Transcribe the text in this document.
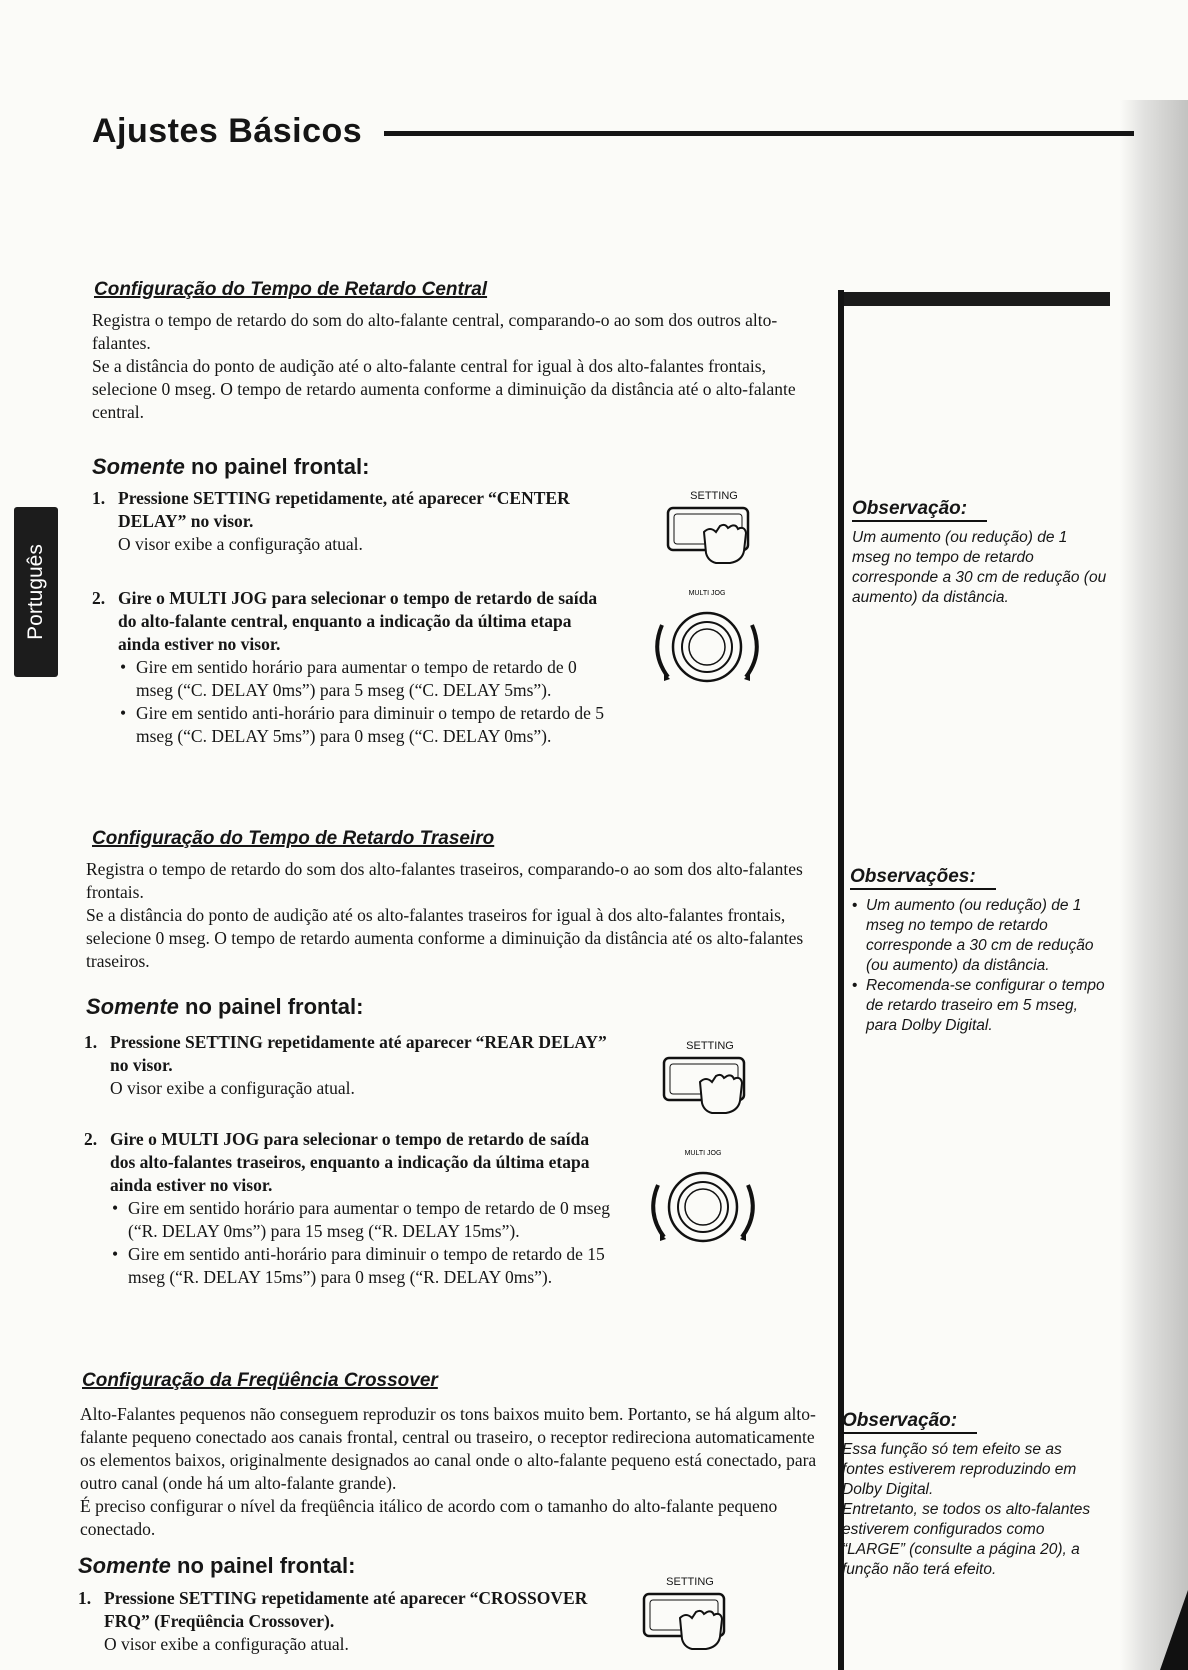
Ajustes Básicos
Português
Configuração do Tempo de Retardo Central

Registra o tempo de retardo do som do alto-falante central, comparando-o ao som dos outros alto-falantes.

Se a distância do ponto de audição até o alto-falante central for igual à dos alto-falantes frontais, selecione 0 mseg. O tempo de retardo aumenta conforme a diminuição da distância até o alto-falante central.

Somente no painel frontal:
1. Pressione SETTING repetidamente, até aparecer “CENTER DELAY” no visor.
O visor exibe a configuração atual.
2. Gire o MULTI JOG para selecionar o tempo de retardo de saída do alto-falante central, enquanto a indicação da última etapa ainda estiver no visor.
• Gire em sentido horário para aumentar o tempo de retardo de 0 mseg (“C. DELAY 0ms”) para 5 mseg (“C. DELAY 5ms”).
• Gire em sentido anti-horário para diminuir o tempo de retardo de 5 mseg (“C. DELAY 5ms”) para 0 mseg (“C. DELAY 0ms”).
SETTING
MULTI JOG
Configuração do Tempo de Retardo Traseiro

Registra o tempo de retardo do som dos alto-falantes traseiros, comparando-o ao som dos alto-falantes frontais.

Se a distância do ponto de audição até os alto-falantes traseiros for igual à dos alto-falantes frontais, selecione 0 mseg. O tempo de retardo aumenta conforme a diminuição da distância até os alto-falantes traseiros.

Somente no painel frontal:
1. Pressione SETTING repetidamente até aparecer “REAR DELAY” no visor.
O visor exibe a configuração atual.
2. Gire o MULTI JOG para selecionar o tempo de retardo de saída dos alto-falantes traseiros, enquanto a indicação da última etapa ainda estiver no visor.
• Gire em sentido horário para aumentar o tempo de retardo de 0 mseg (“R. DELAY 0ms”) para 15 mseg (“R. DELAY 15ms”).
• Gire em sentido anti-horário para diminuir o tempo de retardo de 15 mseg (“R. DELAY 15ms”) para 0 mseg (“R. DELAY 0ms”).
SETTING
MULTI JOG
Configuração da Freqüência Crossover

Alto-Falantes pequenos não conseguem reproduzir os tons baixos muito bem. Portanto, se há algum alto-falante pequeno conectado aos canais frontal, central ou traseiro, o receptor redireciona automaticamente os elementos baixos, originalmente designados ao canal onde o alto-falante pequeno está conectado, para outro canal (onde há um alto-falante grande).

É preciso configurar o nível da freqüência itálico de acordo com o tamanho do alto-falante pequeno conectado.

Somente no painel frontal:
1. Pressione SETTING repetidamente até aparecer “CROSSOVER FRQ” (Freqüência Crossover).
O visor exibe a configuração atual.
SETTING
Observação:

Um aumento (ou redução) de 1 mseg no tempo de retardo corresponde a 30 cm de redução (ou aumento) da distância.

Observações:
• Um aumento (ou redução) de 1 mseg no tempo de retardo corresponde a 30 cm de redução (ou aumento) da distância.
• Recomenda-se configurar o tempo de retardo traseiro em 5 mseg, para Dolby Digital.
Observação:

Essa função só tem efeito se as fontes estiverem reproduzindo em Dolby Digital.

Entretanto, se todos os alto-falantes estiverem configurados como “LARGE” (consulte a página 20), a função não terá efeito.
